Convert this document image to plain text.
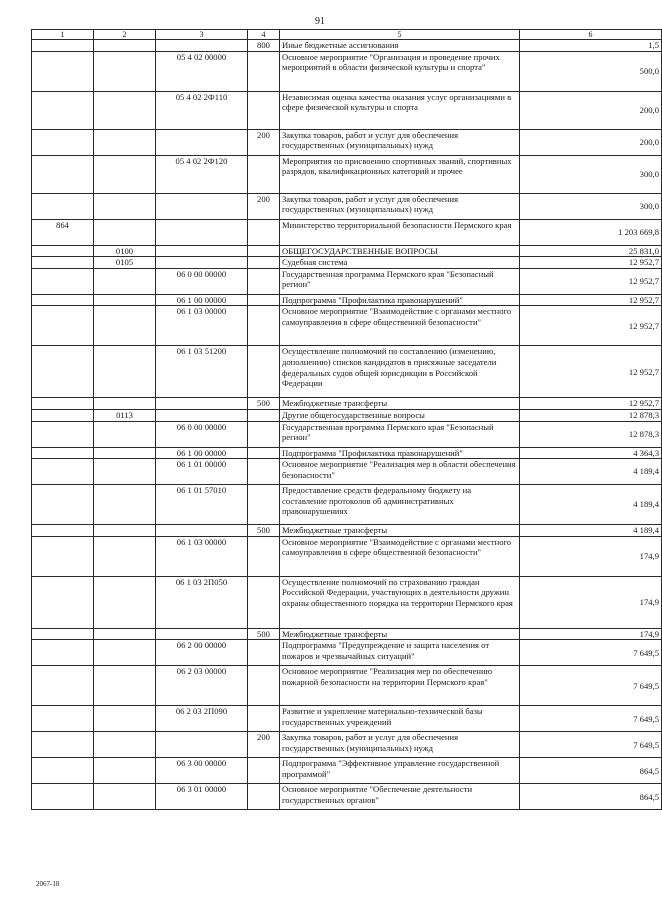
91
1	2	3	4	5	6
			800	Иные бюджетные ассигнования	1,5
		05 4 02 00000		Основное мероприятие "Организация и проведение прочих мероприятий в области физической культуры и спорта"	500,0
		05 4 02 2Ф110		Независимая оценка качества оказания услуг организациями в сфере физической культуры и спорта	200,0
			200	Закупка товаров, работ и услуг для обеспечения государственных (муниципальных) нужд	200,0
		05 4 02 2Ф120		Мероприятия по присвоению спортивных званий, спортивных разрядов, квалификационных категорий и прочее	300,0
			200	Закупка товаров, работ и услуг для обеспечения государственных (муниципальных) нужд	300,0
864				Министерство территориальной безопасности Пермского края	1 203 669,8
	0100			ОБЩЕГОСУДАРСТВЕННЫЕ ВОПРОСЫ	25 831,0
	0105			Судебная система	12 952,7
		06 0 00 00000		Государственная программа Пермского края "Безопасный регион"	12 952,7
		06 1 00 00000		Подпрограмма "Профилактика правонарушений"	12 952,7
		06 1 03 00000		Основное мероприятие "Взаимодействие с органами местного самоуправления в сфере общественной безопасности"	12 952,7
		06 1 03 51200		Осуществление полномочий по составлению (изменению, дополнению) списков кандидатов в присяжные заседатели федеральных судов общей юрисдикции в Российской Федерации	12 952,7
			500	Межбюджетные трансферты	12 952,7
	0113			Другие общегосударственные вопросы	12 878,3
		06 0 00 00000		Государственная программа Пермского края "Безопасный регион"	12 878,3
		06 1 00 00000		Подпрограмма "Профилактика правонарушений"	4 364,3
		06 1 01 00000		Основное мероприятие "Реализация мер в области обеспечения безопасности"	4 189,4
		06 1 01 57010		Предоставление средств федеральному бюджету на составление протоколов об административных правонарушениях	4 189,4
			500	Межбюджетные трансферты	4 189,4
		06 1 03 00000		Основное мероприятие "Взаимодействие с органами местного самоуправления в сфере общественной безопасности"	174,9
		06 1 03 2П050		Осуществление полномочий по страхованию граждан Российской Федерации, участвующих в деятельности дружин охраны общественного порядка на территории Пермского края	174,9
			500	Межбюджетные трансферты	174,9
		06 2 00 00000		Подпрограмма "Предупреждение и защита населения от пожаров и чрезвычайных ситуаций"	7 649,5
		06 2 03 00000		Основное мероприятие "Реализация мер по обеспечению пожарной безопасности на территории Пермского края"	7 649,5
		06 2 03 2П090		Развитие и укрепление материально-технической базы государственных учреждений	7 649,5
			200	Закупка товаров, работ и услуг для обеспечения государственных (муниципальных) нужд	7 649,5
		06 3 00 00000		Подпрограмма "Эффективное управление государственной программой"	864,5
		06 3 01 00000		Основное мероприятие "Обеспечение деятельности государственных органов"	864,5
2067-18
